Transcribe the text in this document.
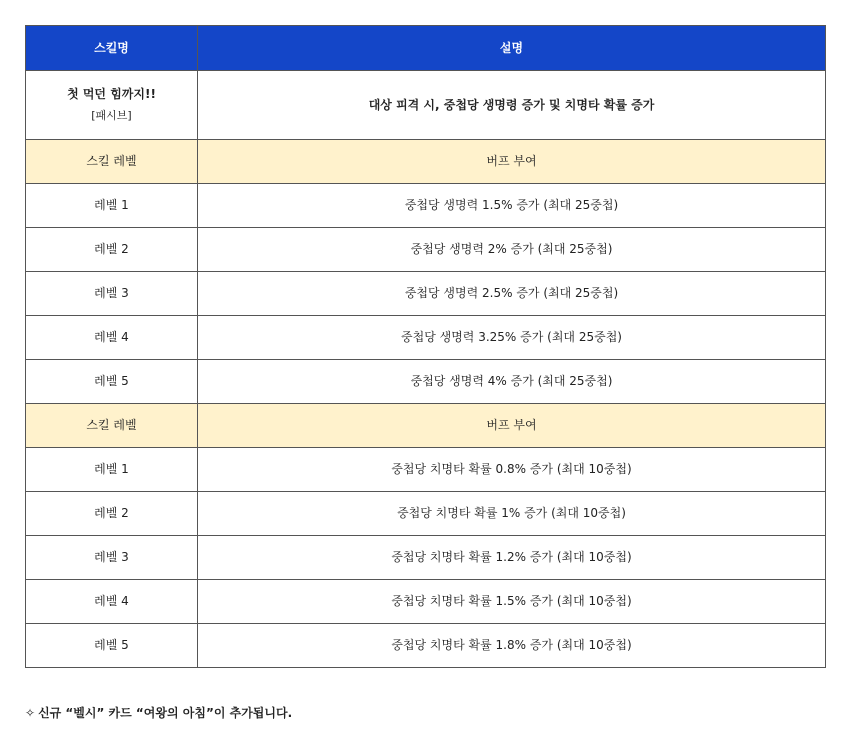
스킬명	설명

첫 먹던 힘까지!!
[패시브]	대상 피격 시, 중첩당 생명령 증가 및 치명타 확률 증가
스킬 레벨	버프 부여
레벨 1	중첩당 생명력 1.5% 증가 (최대 25중첩)
레벨 2	중첩당 생명력 2% 증가 (최대 25중첩)
레벨 3	중첩당 생명력 2.5% 증가 (최대 25중첩)
레벨 4	중첩당 생명력 3.25% 증가 (최대 25중첩)
레벨 5	중첩당 생명력 4% 증가 (최대 25중첩)
스킬 레벨	버프 부여
레벨 1	중첩당 치명타 확률 0.8% 증가 (최대 10중첩)
레벨 2	중첩당 치명타 확률 1% 증가 (최대 10중첩)
레벨 3	중첩당 치명타 확률 1.2% 증가 (최대 10중첩)
레벨 4	중첩당 치명타 확률 1.5% 증가 (최대 10중첩)
레벨 5	중첩당 치명타 확률 1.8% 증가 (최대 10중첩)
✧ 신규 “벨시” 카드 “여왕의 아침”이 추가됩니다.
